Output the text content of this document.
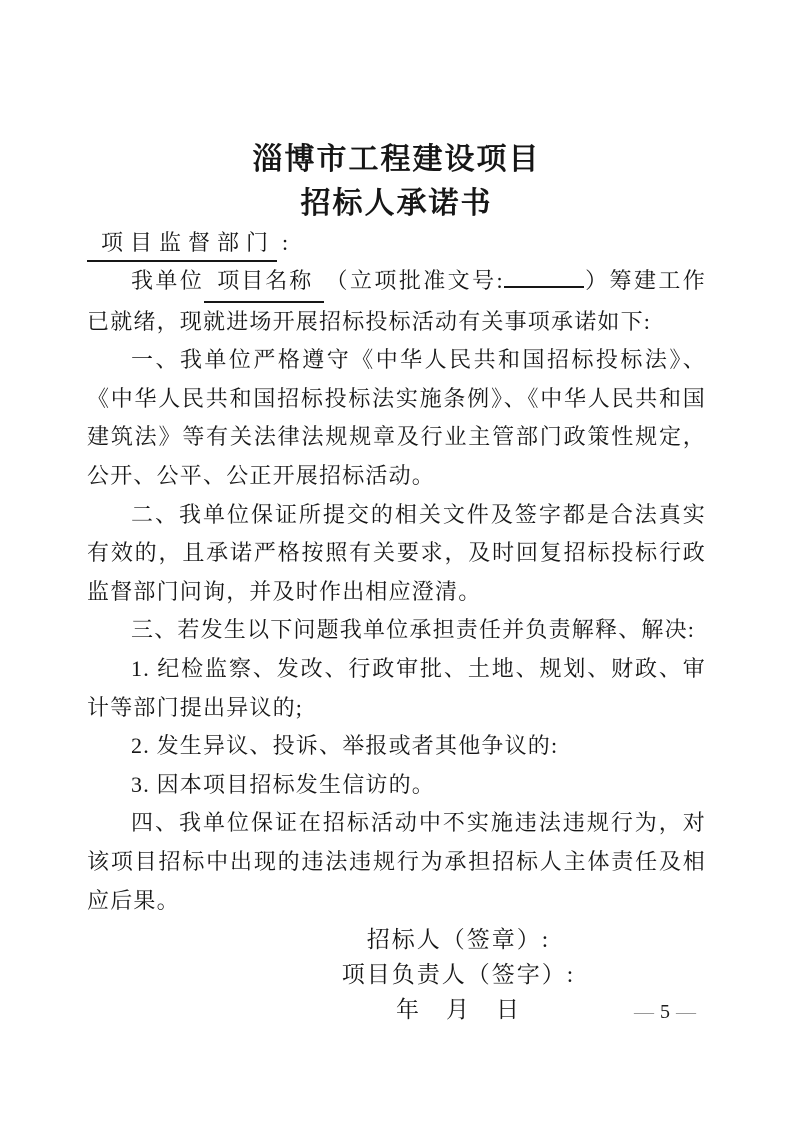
淄博市工程建设项目
招标人承诺书
项目监督部门 :

我单位 项目名称 （立项批准文号:	）筹建工作已就绪，现就进场开展招标投标活动有关事项承诺如下:

一、我单位严格遵守《中华人民共和国招标投标法》、《中华人民共和国招标投标法实施条例》、《中华人民共和国建筑法》等有关法律法规规章及行业主管部门政策性规定，公开、公平、公正开展招标活动。

二、我单位保证所提交的相关文件及签字都是合法真实有效的，且承诺严格按照有关要求，及时回复招标投标行政监督部门问询，并及时作出相应澄清。

三、若发生以下问题我单位承担责任并负责解释、解决:

1. 纪检监察、发改、行政审批、土地、规划、财政、审计等部门提出异议的;

2. 发生异议、投诉、举报或者其他争议的:

3. 因本项目招标发生信访的。

四、我单位保证在招标活动中不实施违法违规行为，对该项目招标中出现的违法违规行为承担招标人主体责任及相应后果。

招标人（签章）:

项目负责人（签字）:

年　月　日	— 5 —
